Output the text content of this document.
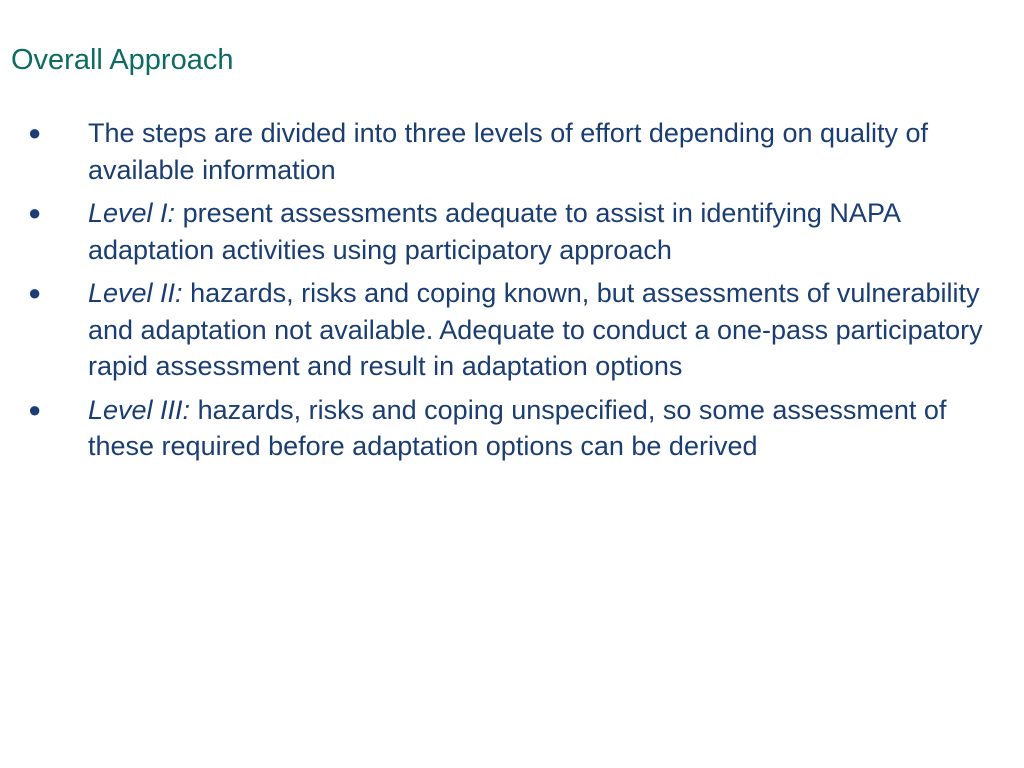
Overall Approach
● The steps are divided into three levels of effort depending on quality of available information
● Level I: present assessments adequate to assist in identifying NAPA adaptation activities using participatory approach
● Level II: hazards, risks and coping known, but assessments of vulnerability and adaptation not available. Adequate to conduct a one-pass participatory rapid assessment and result in adaptation options
● Level III: hazards, risks and coping unspecified, so some assessment of these required before adaptation options can be derived
